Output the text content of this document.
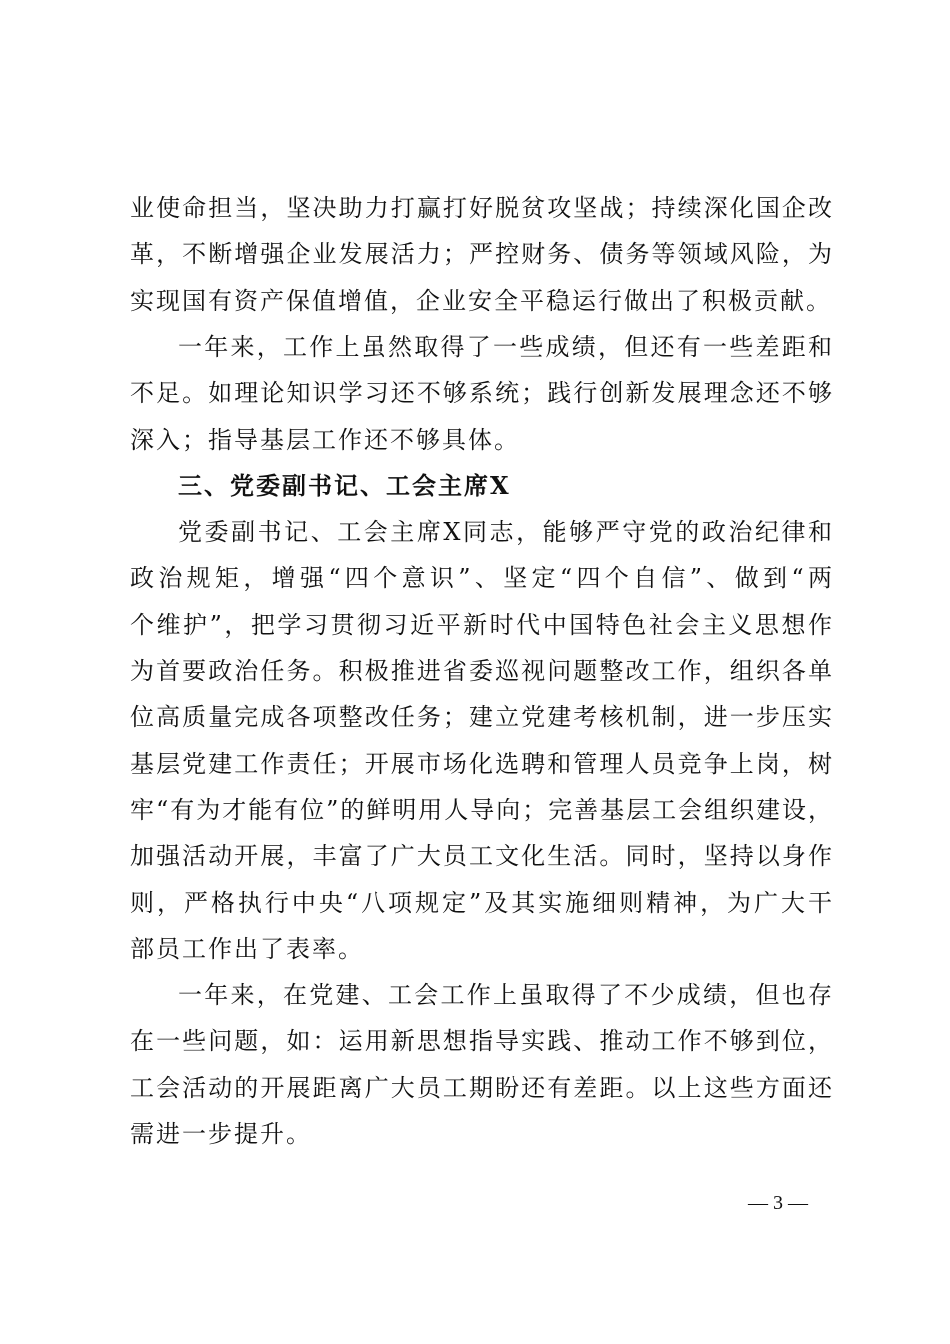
业使命担当，坚决助力打赢打好脱贫攻坚战；持续深化国企改
革，不断增强企业发展活力；严控财务、债务等领域风险，为
实现国有资产保值增值，企业安全平稳运行做出了积极贡献。
一年来，工作上虽然取得了一些成绩，但还有一些差距和
不足。如理论知识学习还不够系统；践行创新发展理念还不够
深入；指导基层工作还不够具体。
三、党委副书记、工会主席X
党委副书记、工会主席X同志，能够严守党的政治纪律和
政治规矩，增强“四个意识”、坚定“四个自信”、做到“两
个维护”，把学习贯彻习近平新时代中国特色社会主义思想作
为首要政治任务。积极推进省委巡视问题整改工作，组织各单
位高质量完成各项整改任务；建立党建考核机制，进一步压实
基层党建工作责任；开展市场化选聘和管理人员竞争上岗，树
牢“有为才能有位”的鲜明用人导向；完善基层工会组织建设，
加强活动开展，丰富了广大员工文化生活。同时，坚持以身作
则，严格执行中央“八项规定”及其实施细则精神，为广大干
部员工作出了表率。
一年来，在党建、工会工作上虽取得了不少成绩，但也存
在一些问题，如：运用新思想指导实践、推动工作不够到位，
工会活动的开展距离广大员工期盼还有差距。以上这些方面还
需进一步提升。
— 3 —
